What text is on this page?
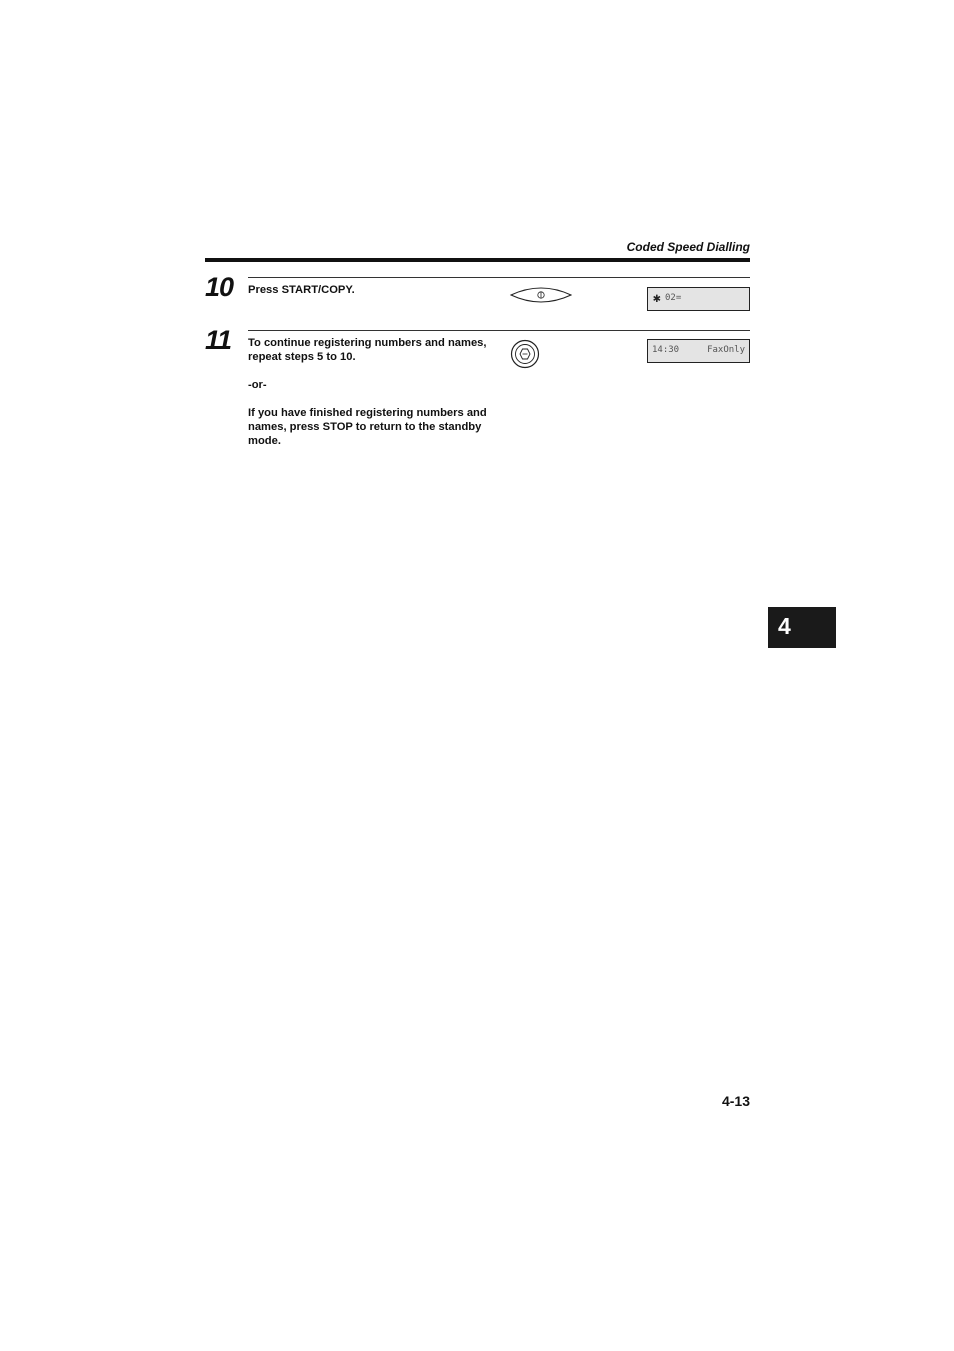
Coded Speed Dialling
10 Press START/COPY.

✱ 02=
11 To continue registering numbers and names, repeat steps 5 to 10.

-or-

If you have finished registering numbers and names, press STOP to return to the standby mode.

14:30	FaxOnly
4
4-13
